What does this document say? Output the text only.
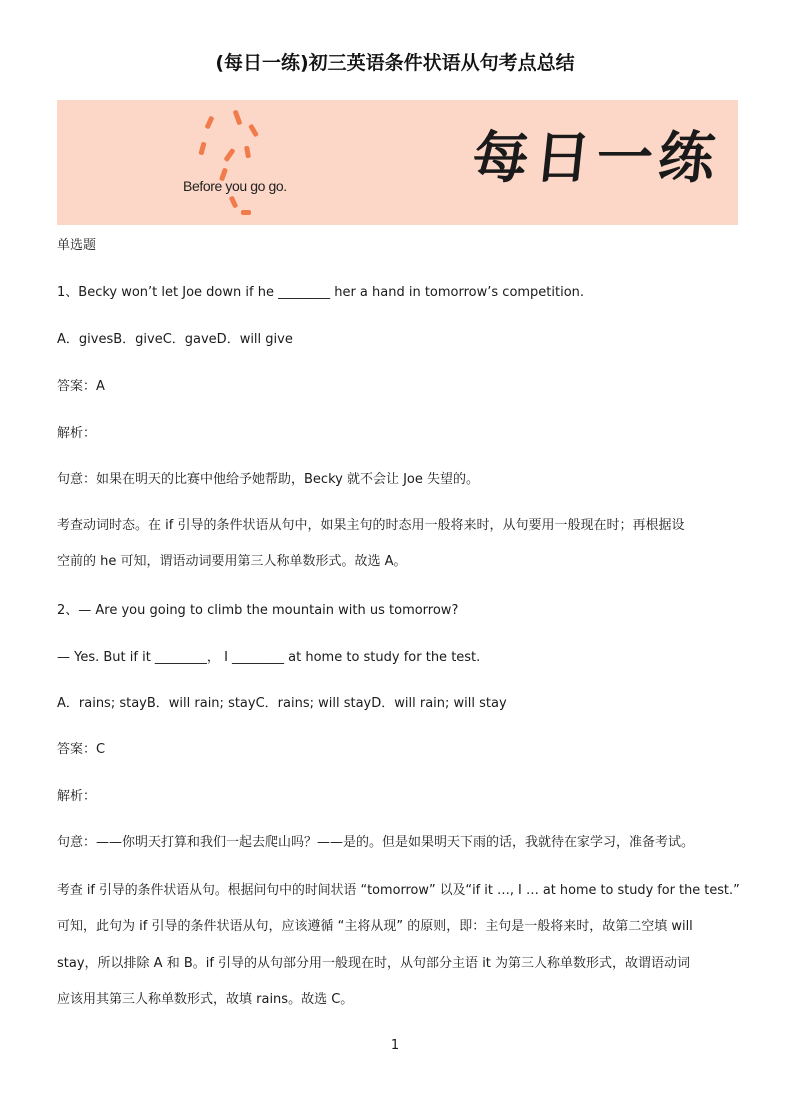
(每日一练)初三英语条件状语从句考点总结
Before you go go.	每日一练
单选题
1、Becky won’t let Joe down if he ________ her a hand in tomorrow’s competition.
A．givesB．giveC．gaveD．will give
答案：A
解析：
句意：如果在明天的比赛中他给予她帮助，Becky 就不会让 Joe 失望的。
考查动词时态。在 if 引导的条件状语从句中，如果主句的时态用一般将来时，从句要用一般现在时；再根据设
空前的 he 可知，谓语动词要用第三人称单数形式。故选 A。
2、— Are you going to climb the mountain with us tomorrow?
— Yes. But if it ________， I ________ at home to study for the test.
A．rains; stayB．will rain; stayC．rains; will stayD．will rain; will stay
答案：C
解析：
句意：——你明天打算和我们一起去爬山吗？——是的。但是如果明天下雨的话，我就待在家学习，准备考试。
考查 if 引导的条件状语从句。根据问句中的时间状语 “tomorrow” 以及“if it …, I … at home to study for the test.”
可知，此句为 if 引导的条件状语从句，应该遵循 “主将从现” 的原则，即：主句是一般将来时，故第二空填 will
stay，所以排除 A 和 B。if 引导的从句部分用一般现在时，从句部分主语 it 为第三人称单数形式，故谓语动词
应该用其第三人称单数形式，故填 rains。故选 C。
1
